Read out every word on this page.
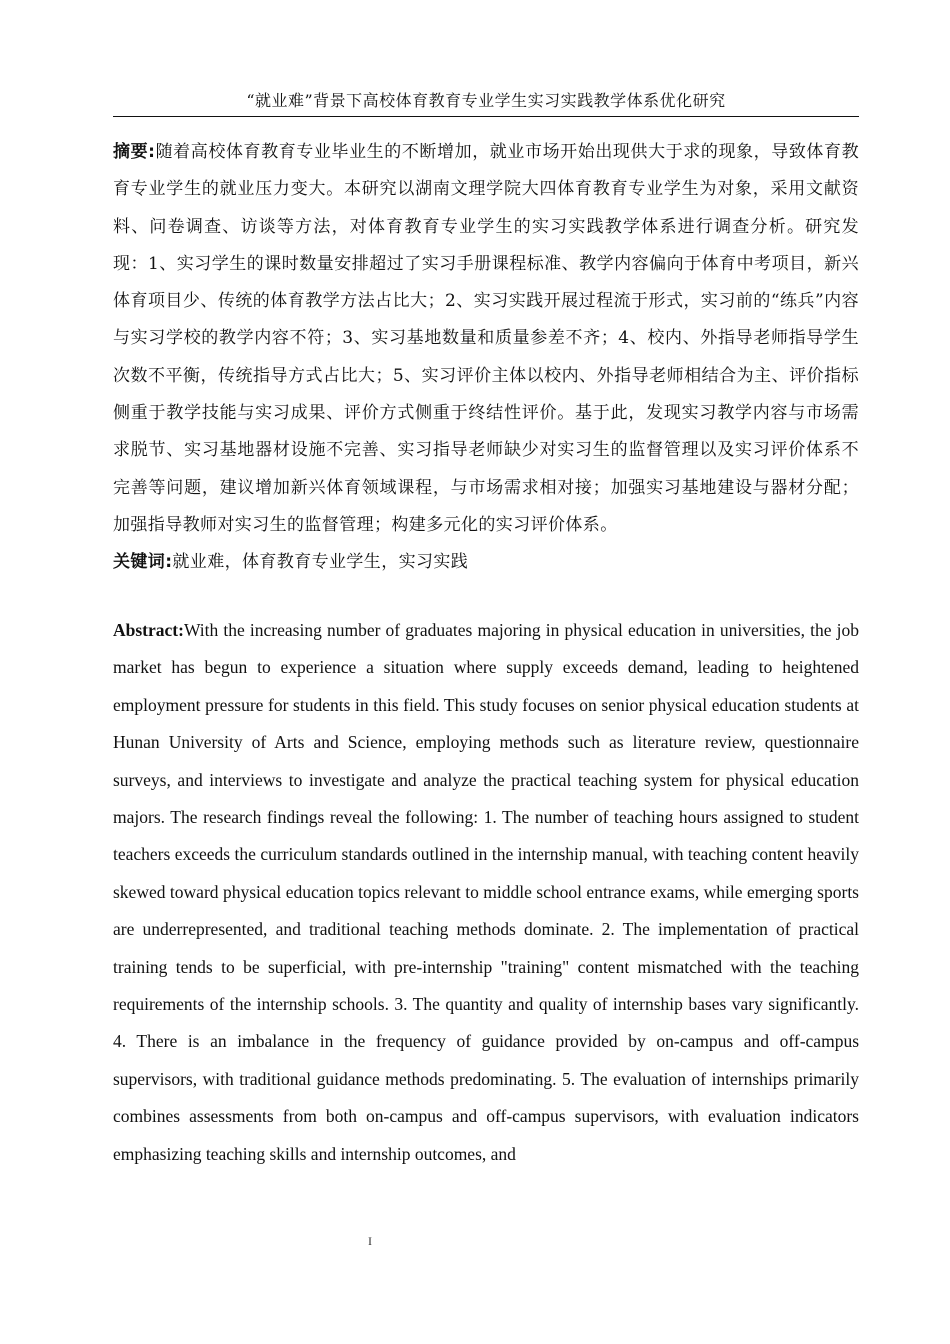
“就业难”背景下高校体育教育专业学生实习实践教学体系优化研究

摘要:随着高校体育教育专业毕业生的不断增加，就业市场开始出现供大于求的现象，导致体育教育专业学生的就业压力变大。本研究以湖南文理学院大四体育教育专业学生为对象，采用文献资料、问卷调查、访谈等方法，对体育教育专业学生的实习实践教学体系进行调查分析。研究发现：1、实习学生的课时数量安排超过了实习手册课程标准、教学内容偏向于体育中考项目，新兴体育项目少、传统的体育教学方法占比大；2、实习实践开展过程流于形式，实习前的“练兵”内容与实习学校的教学内容不符；3、实习基地数量和质量参差不齐；4、校内、外指导老师指导学生次数不平衡，传统指导方式占比大；5、实习评价主体以校内、外指导老师相结合为主、评价指标侧重于教学技能与实习成果、评价方式侧重于终结性评价。基于此，发现实习教学内容与市场需求脱节、实习基地器材设施不完善、实习指导老师缺少对实习生的监督管理以及实习评价体系不完善等问题，建议增加新兴体育领域课程，与市场需求相对接；加强实习基地建设与器材分配；加强指导教师对实习生的监督管理；构建多元化的实习评价体系。

关键词:就业难，体育教育专业学生，实习实践

Abstract:With the increasing number of graduates majoring in physical education in universities, the job market has begun to experience a situation where supply exceeds demand, leading to heightened employment pressure for students in this field. This study focuses on senior physical education students at Hunan University of Arts and Science, employing methods such as literature review, questionnaire surveys, and interviews to investigate and analyze the practical teaching system for physical education majors. The research findings reveal the following: 1. The number of teaching hours assigned to student teachers exceeds the curriculum standards outlined in the internship manual, with teaching content heavily skewed toward physical education topics relevant to middle school entrance exams, while emerging sports are underrepresented, and traditional teaching methods dominate. 2. The implementation of practical training tends to be superficial, with pre-internship "training" content mismatched with the teaching requirements of the internship schools. 3. The quantity and quality of internship bases vary significantly. 4. There is an imbalance in the frequency of guidance provided by on-campus and off-campus supervisors, with traditional guidance methods predominating. 5. The evaluation of internships primarily combines assessments from both on-campus and off-campus supervisors, with evaluation indicators emphasizing teaching skills and internship outcomes, and

I
